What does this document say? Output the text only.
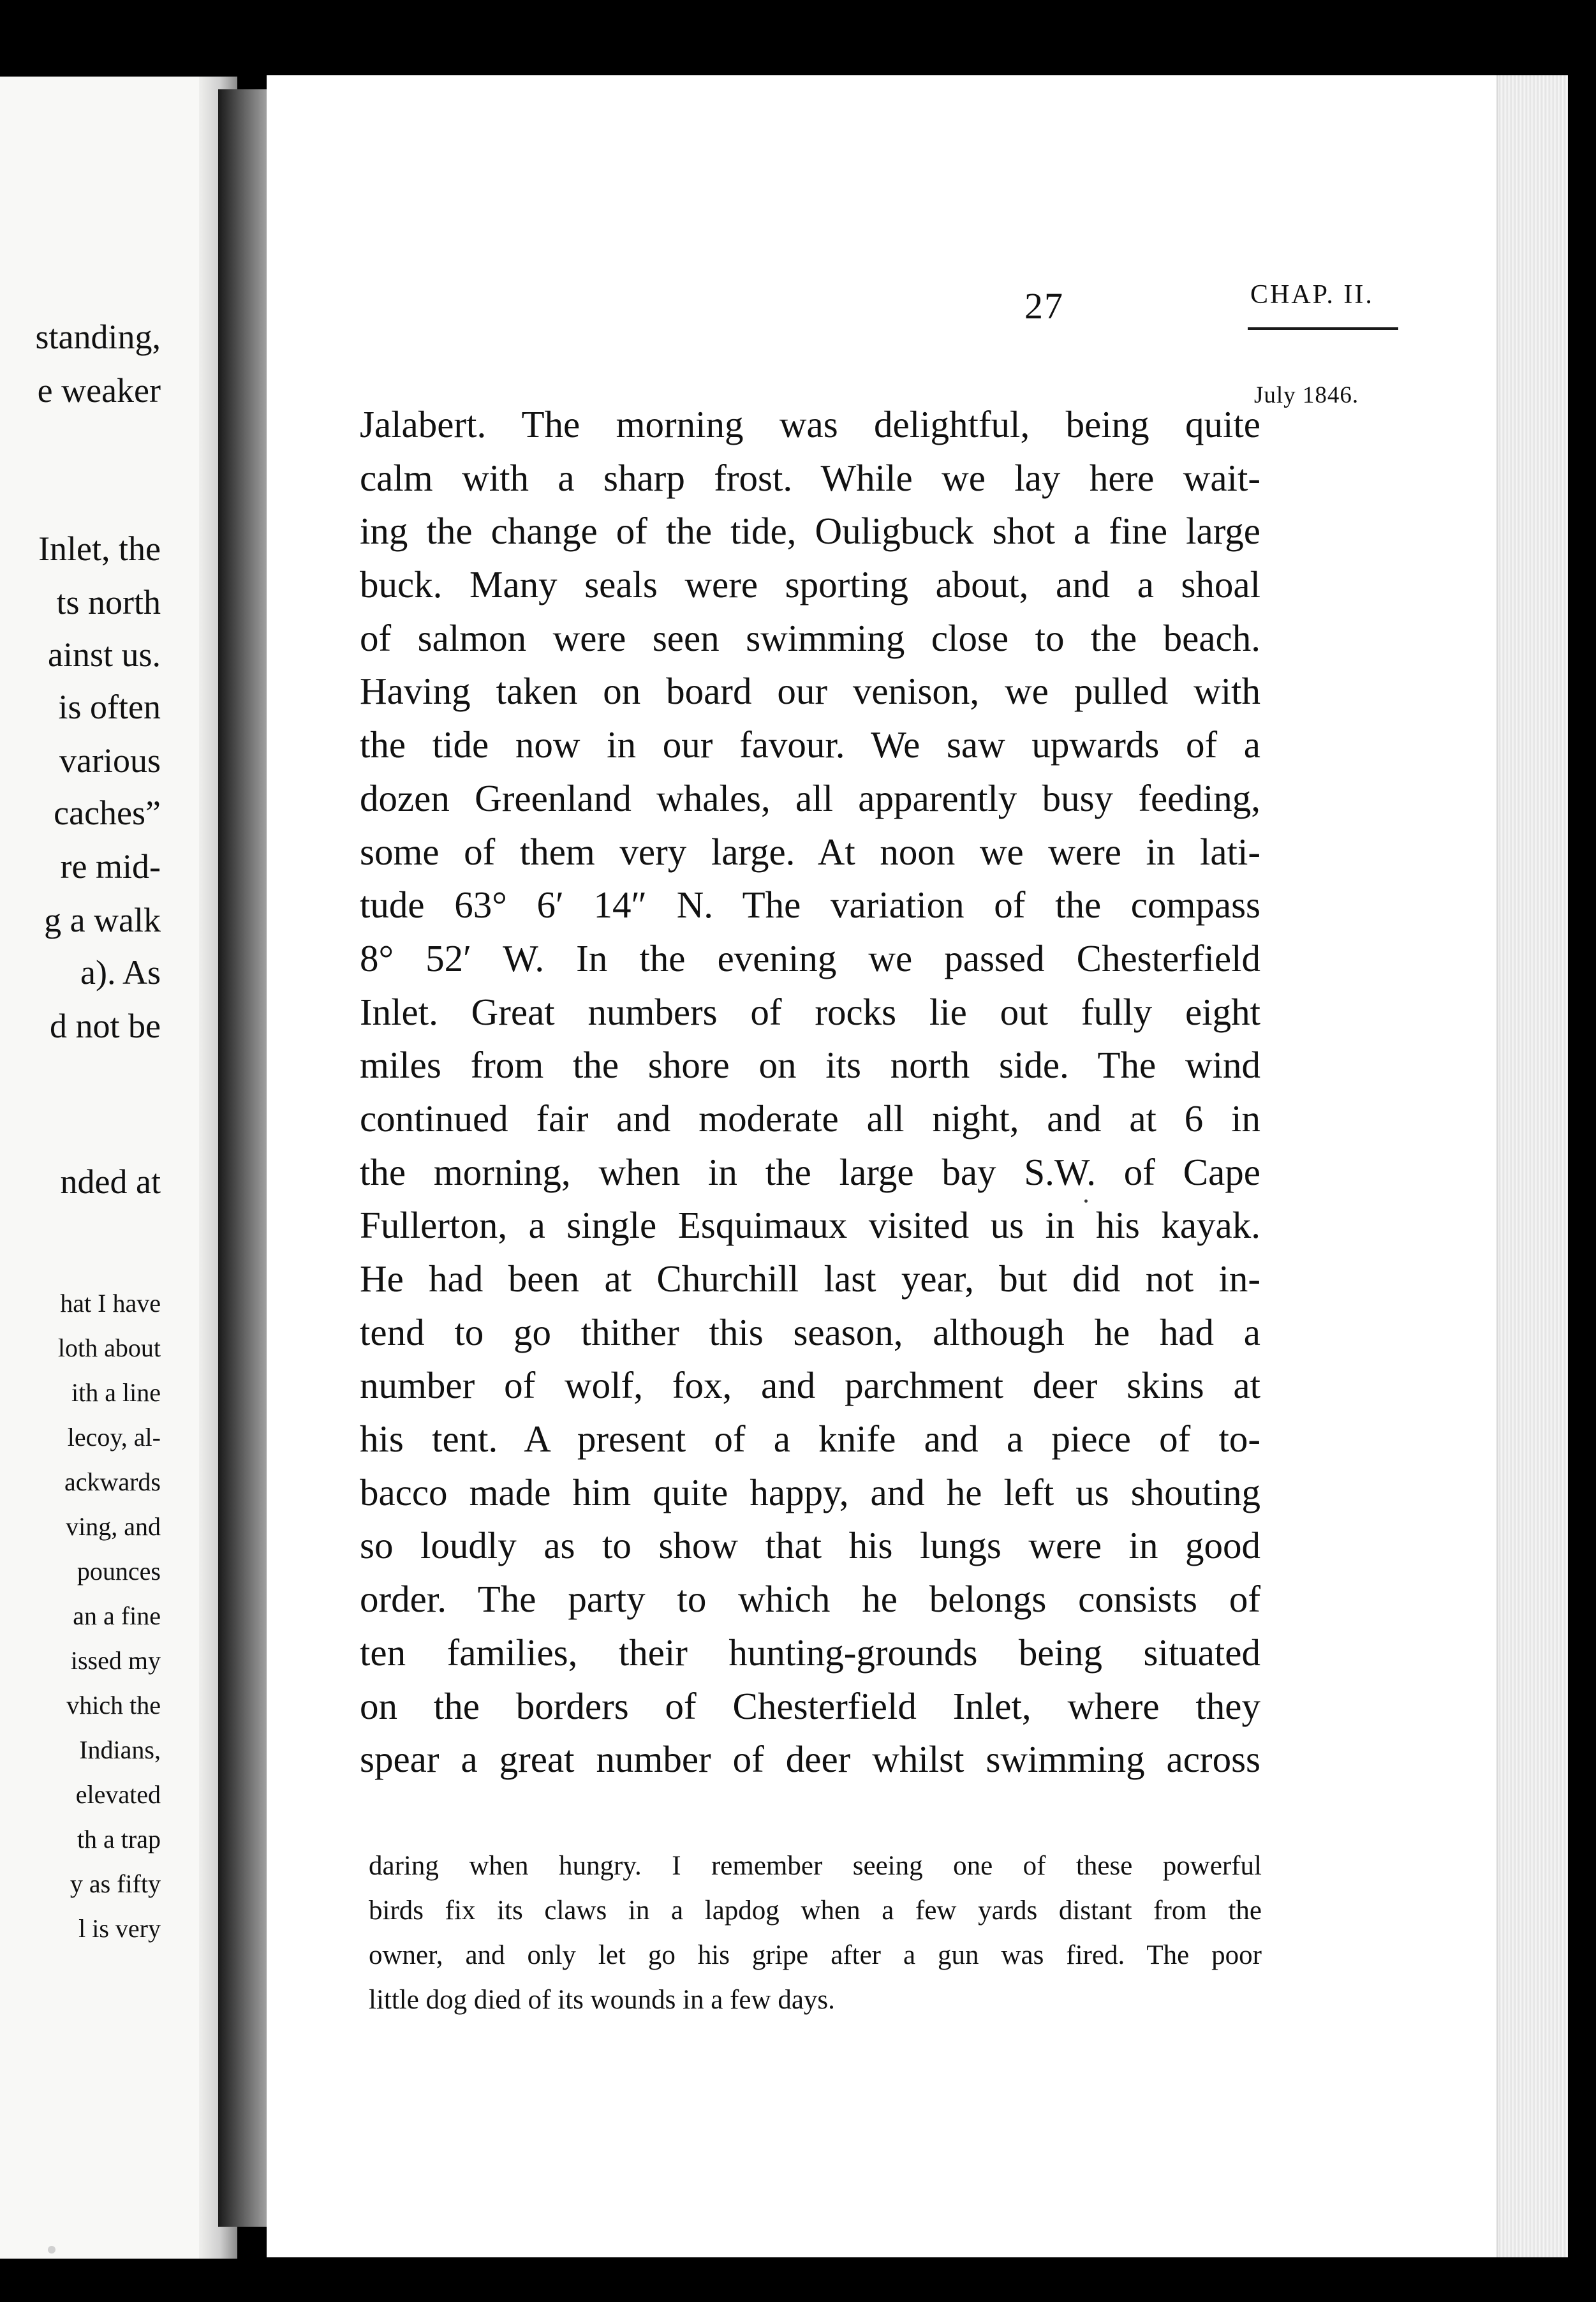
standing,
e weaker
Inlet, the
ts north
ainst us.
is often
various
caches”
re mid-
g a walk
a). As
d not be
nded at
hat I have
loth about
ith a line
lecoy, al-
ackwards
ving, and
pounces
an a fine
issed my
vhich the
Indians,
elevated
th a trap
y as fifty
l is very
27	CHAP. II.
July 1846.
Jalabert. The morning was delightful, being quite
calm with a sharp frost. While we lay here wait-
ing the change of the tide, Ouligbuck shot a fine large
buck. Many seals were sporting about, and a shoal
of salmon were seen swimming close to the beach.
Having taken on board our venison, we pulled with
the tide now in our favour. We saw upwards of a
dozen Greenland whales, all apparently busy feeding,
some of them very large. At noon we were in lati-
tude 63° 6′ 14″ N. The variation of the compass
8° 52′ W. In the evening we passed Chesterfield
Inlet. Great numbers of rocks lie out fully eight
miles from the shore on its north side. The wind
continued fair and moderate all night, and at 6 in
the morning, when in the large bay S.W. of Cape
Fullerton, a single Esquimaux visited us in his kayak.
He had been at Churchill last year, but did not in-
tend to go thither this season, although he had a
number of wolf, fox, and parchment deer skins at
his tent. A present of a knife and a piece of to-
bacco made him quite happy, and he left us shouting
so loudly as to show that his lungs were in good
order. The party to which he belongs consists of
ten families, their hunting-grounds being situated
on the borders of Chesterfield Inlet, where they
spear a great number of deer whilst swimming across
daring when hungry. I remember seeing one of these powerful
birds fix its claws in a lapdog when a few yards distant from the
owner, and only let go his gripe after a gun was fired. The poor
little dog died of its wounds in a few days.
